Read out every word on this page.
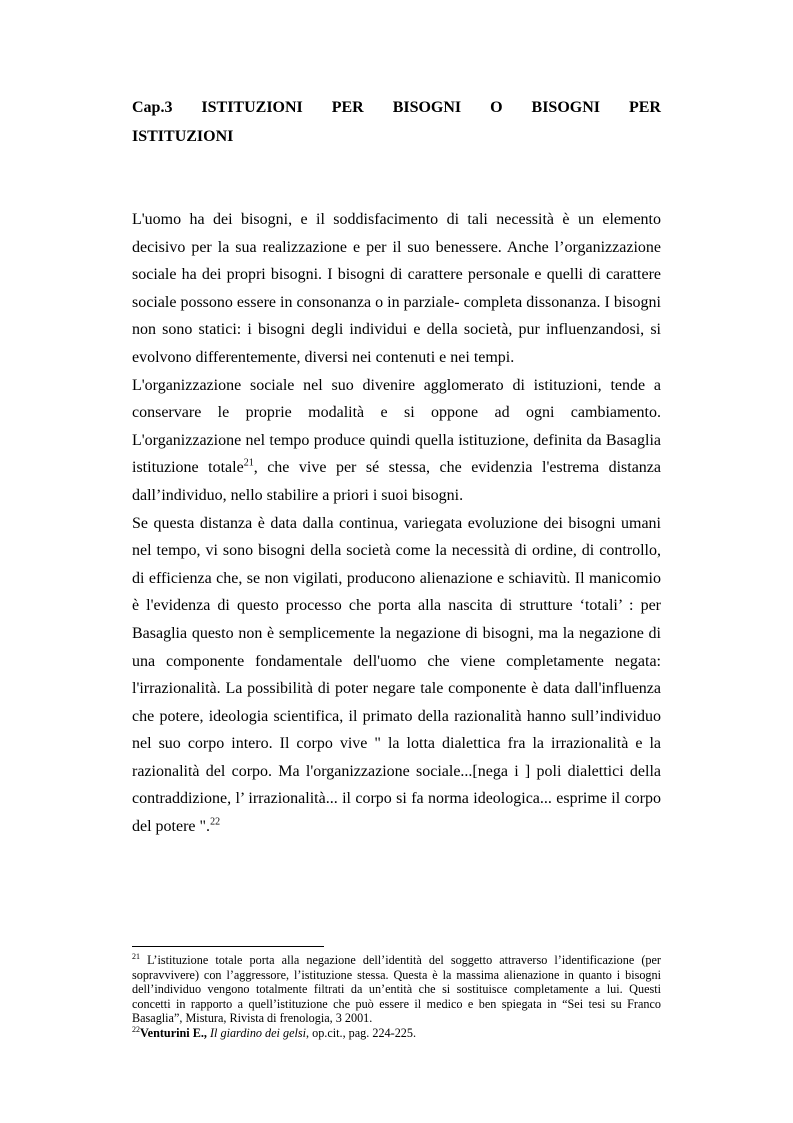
Cap.3 ISTITUZIONI PER BISOGNI O BISOGNI PER
ISTITUZIONI

L'uomo ha dei bisogni, e il soddisfacimento di tali necessità è un elemento decisivo per la sua realizzazione e per il suo benessere. Anche l’organizzazione sociale ha dei propri bisogni. I bisogni di carattere personale e quelli di carattere sociale possono essere in consonanza o in parziale- completa dissonanza. I bisogni non sono statici: i bisogni degli individui e della società, pur influenzandosi, si evolvono differentemente, diversi nei contenuti e nei tempi.

L'organizzazione sociale nel suo divenire agglomerato di istituzioni, tende a conservare le proprie modalità e si oppone ad ogni cambiamento. L'organizzazione nel tempo produce quindi quella istituzione, definita da Basaglia istituzione totale$^{21}$, che vive per sé stessa, che evidenzia l'estrema distanza dall’individuo, nello stabilire a priori i suoi bisogni.

Se questa distanza è data dalla continua, variegata evoluzione dei bisogni umani nel tempo, vi sono bisogni della società come la necessità di ordine, di controllo, di efficienza che, se non vigilati, producono alienazione e schiavitù. Il manicomio è l'evidenza di questo processo che porta alla nascita di strutture ‘totali’ : per Basaglia questo non è semplicemente la negazione di bisogni, ma la negazione di una componente fondamentale dell'uomo che viene completamente negata: l'irrazionalità. La possibilità di poter negare tale componente è data dall'influenza che potere, ideologia scientifica, il primato della razionalità hanno sull’individuo nel suo corpo intero. Il corpo vive " la lotta dialettica fra la irrazionalità e la razionalità del corpo. Ma l'organizzazione sociale...[nega i ] poli dialettici della contraddizione, l’ irrazionalità... il corpo si fa norma ideologica... esprime il corpo del potere ".$^{22}$

$^{21}$ L’istituzione totale porta alla negazione dell’identità del soggetto attraverso l’identificazione (per sopravvivere) con l’aggressore, l’istituzione stessa. Questa è la massima alienazione in quanto i bisogni dell’individuo vengono totalmente filtrati da un’entità che si sostituisce completamente a lui. Questi concetti in rapporto a quell’istituzione che può essere il medico e ben spiegata in “Sei tesi su Franco Basaglia”, Mistura, Rivista di frenologia, 3 2001.

$^{22}$Venturini E., Il giardino dei gelsi, op.cit., pag. 224-225.
